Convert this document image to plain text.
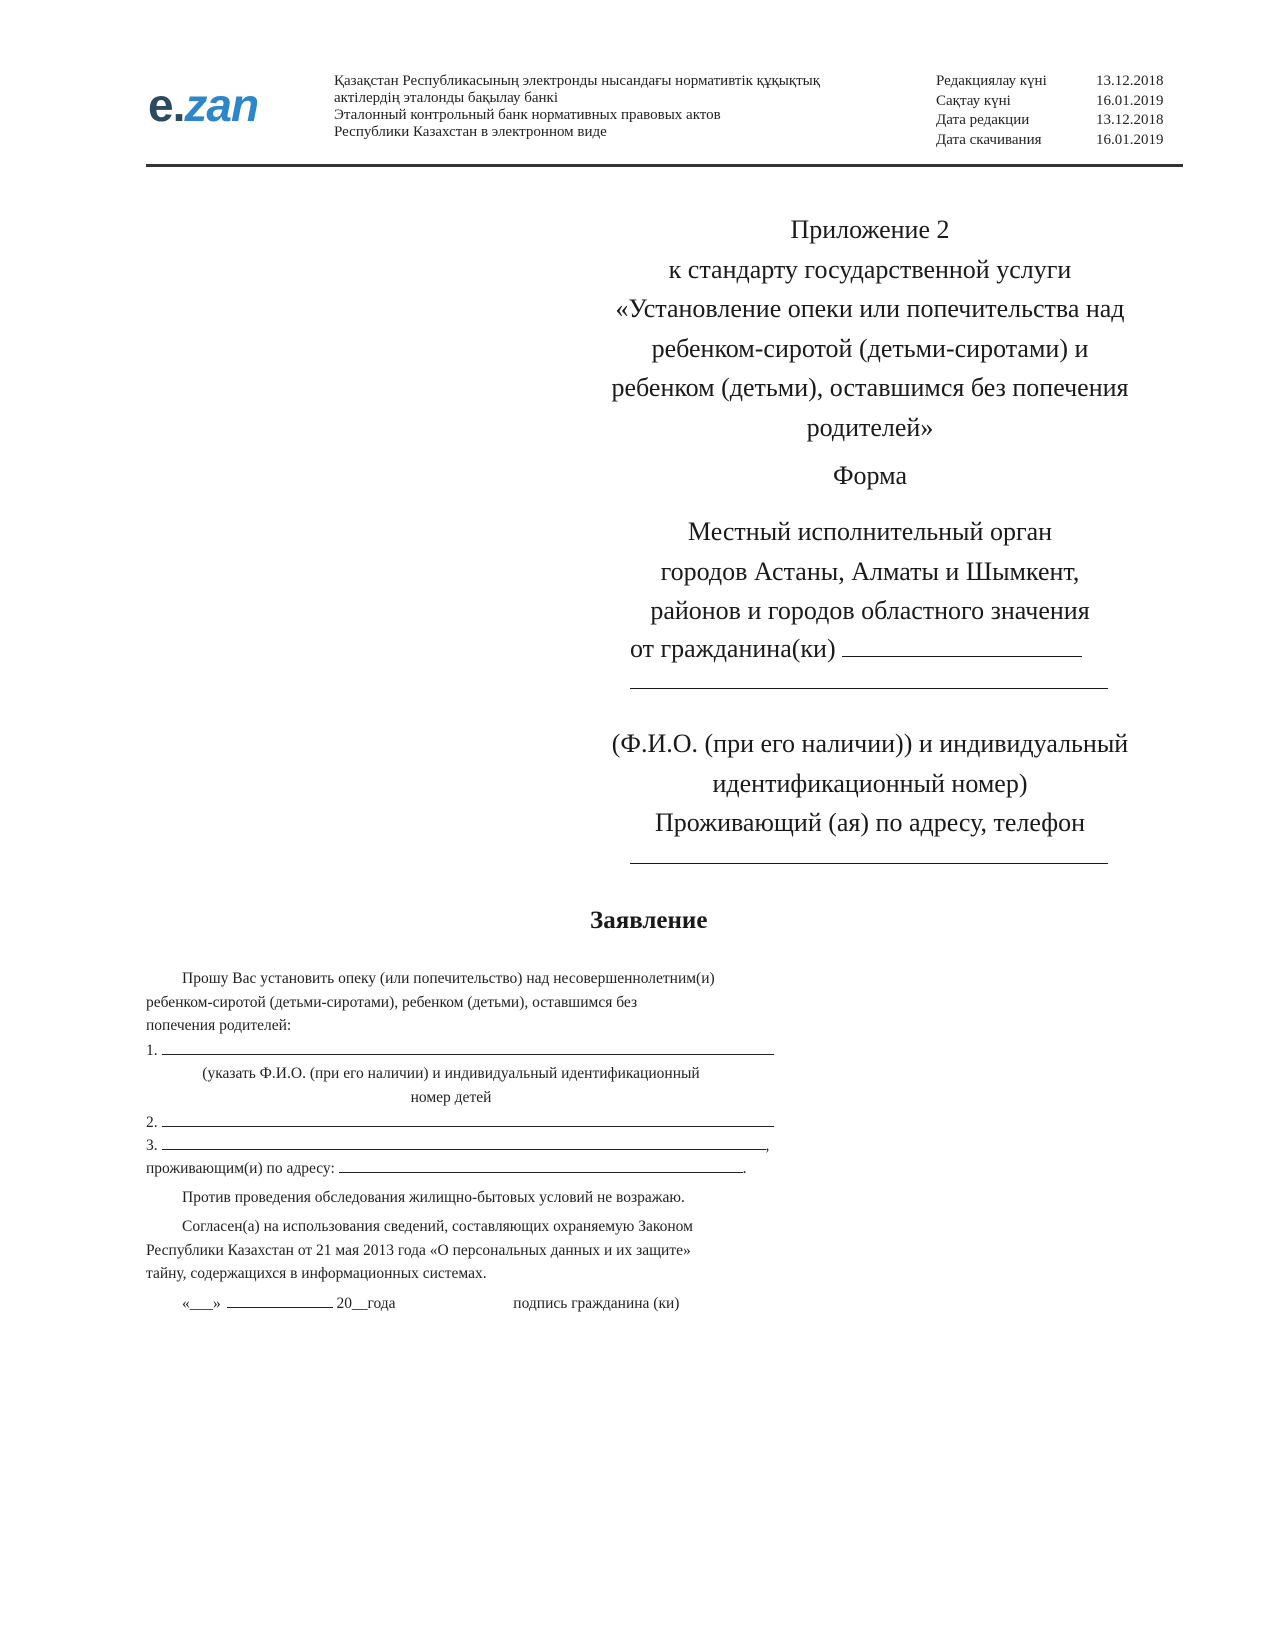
e.zan	Қазақстан Республикасының электронды нысандағы нормативтік құқықтық
актілердің эталонды бақылау банкі
Эталонный контрольный банк нормативных правовых актов
Республики Казахстан в электронном виде
Редакциялау күні	13.12.2018
Сақтау күні	16.01.2019
Дата редакции	13.12.2018
Дата скачивания	16.01.2019
Приложение 2
к стандарту государственной услуги
«Установление опеки или попечительства над
ребенком-сиротой (детьми-сиротами) и
ребенком (детьми), оставшимся без попечения
родителей»
Форма
Местный исполнительный орган
городов Астаны, Алматы и Шымкент,
районов и городов областного значения
от гражданина(ки)
(Ф.И.О. (при его наличии)) и индивидуальный
идентификационный номер)
Проживающий (ая) по адресу, телефон
Заявление
Прошу Вас установить опеку (или попечительство) над несовершеннолетним(и)
ребенком-сиротой (детьми-сиротами), ребенком (детьми), оставшимся без
попечения родителей:
1.
(указать Ф.И.О. (при его наличии) и индивидуальный идентификационный
номер детей
2.
3.	,
проживающим(и) по адресу:	.
Против проведения обследования жилищно-бытовых условий не возражаю.
Согласен(а) на использования сведений, составляющих охраняемую Законом
Республики Казахстан от 21 мая 2013 года «О персональных данных и их защите»
тайну, содержащихся в информационных системах.
«___»	20__года	подпись гражданина (ки)
